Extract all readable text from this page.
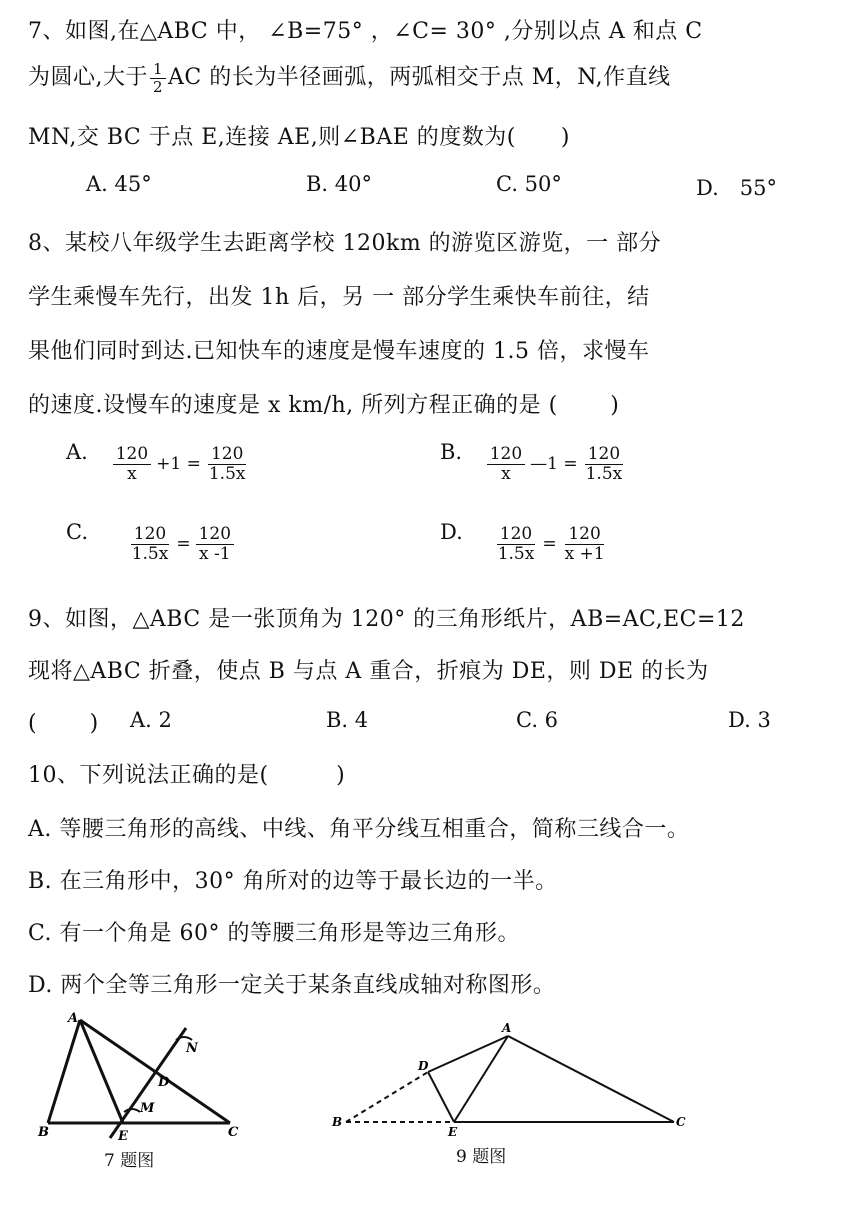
7、如图,在△ABC 中， ∠B=75° ，∠C= 30° ,分别以点 A 和点 C
为圆心,大于 $\frac{1}{2}$ AC 的长为半径画弧，两弧相交于点 M，N,作直线
MN,交 BC 于点 E,连接 AE,则∠BAE 的度数为(　　)
A. 45°	B. 40°	C. 50°	D.　55°
8、某校八年级学生去距离学校 120km 的游览区游览，一 部分
学生乘慢车先行，出发 1h 后，另 一 部分学生乘快车前往，结
果他们同时到达.已知快车的速度是慢车速度的 1.5 倍，求慢车
的速度.设慢车的速度是 x km/h, 所列方程正确的是 (　　 )
A. $\frac{120}{x} +1 = \frac{120}{1.5x}$	B. $\frac{120}{x}$ —1 = $\frac{120}{1.5x}$
C. $\frac{120}{1.5x} = \frac{120}{x -1}$	D. $\frac{120}{1.5x} = \frac{120}{x +1}$
9、如图，△ABC 是一张顶角为 120° 的三角形纸片，AB=AC,EC=12
现将△ABC 折叠，使点 B 与点 A 重合，折痕为 DE，则 DE 的长为
(　　 ) A. 2	B. 4	C. 6	D. 3
10、下列说法正确的是(　　　)
A. 等腰三角形的高线、中线、角平分线互相重合，简称三线合一。
B. 在三角形中，30° 角所对的边等于最长边的一半。
C. 有一个角是 60° 的等腰三角形是等边三角形。
D. 两个全等三角形一定关于某条直线成轴对称图形。
A
B	C
D
E
M
N
7 题图
A
B	C
D
E
9 题图
